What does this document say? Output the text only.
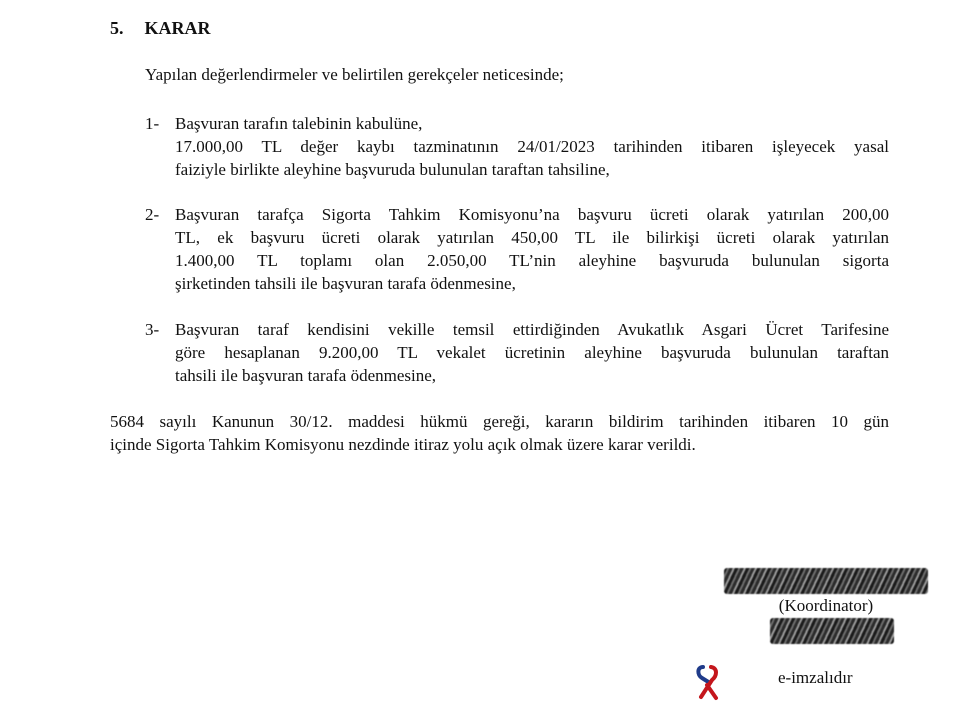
5. KARAR
Yapılan değerlendirmeler ve belirtilen gerekçeler neticesinde;
1- Başvuran tarafın talebinin kabulüne,

17.000,00 TL değer kaybı tazminatının 24/01/2023 tarihinden itibaren işleyecek yasal

faiziyle birlikte aleyhine başvuruda bulunulan taraftan tahsiline,

2- Başvuran tarafça Sigorta Tahkim Komisyonu’na başvuru ücreti olarak yatırılan 200,00

TL, ek başvuru ücreti olarak yatırılan 450,00 TL ile bilirkişi ücreti olarak yatırılan

1.400,00 TL toplamı olan 2.050,00 TL’nin aleyhine başvuruda bulunulan sigorta

şirketinden tahsili ile başvuran tarafa ödenmesine,

3- Başvuran taraf kendisini vekille temsil ettirdiğinden Avukatlık Asgari Ücret Tarifesine

göre hesaplanan 9.200,00 TL vekalet ücretinin aleyhine başvuruda bulunulan taraftan

tahsili ile başvuran tarafa ödenmesine,

5684 sayılı Kanunun 30/12. maddesi hükmü gereği, kararın bildirim tarihinden itibaren 10 gün

içinde Sigorta Tahkim Komisyonu nezdinde itiraz yolu açık olmak üzere karar verildi.

(Koordinator)
e-imzalıdır
